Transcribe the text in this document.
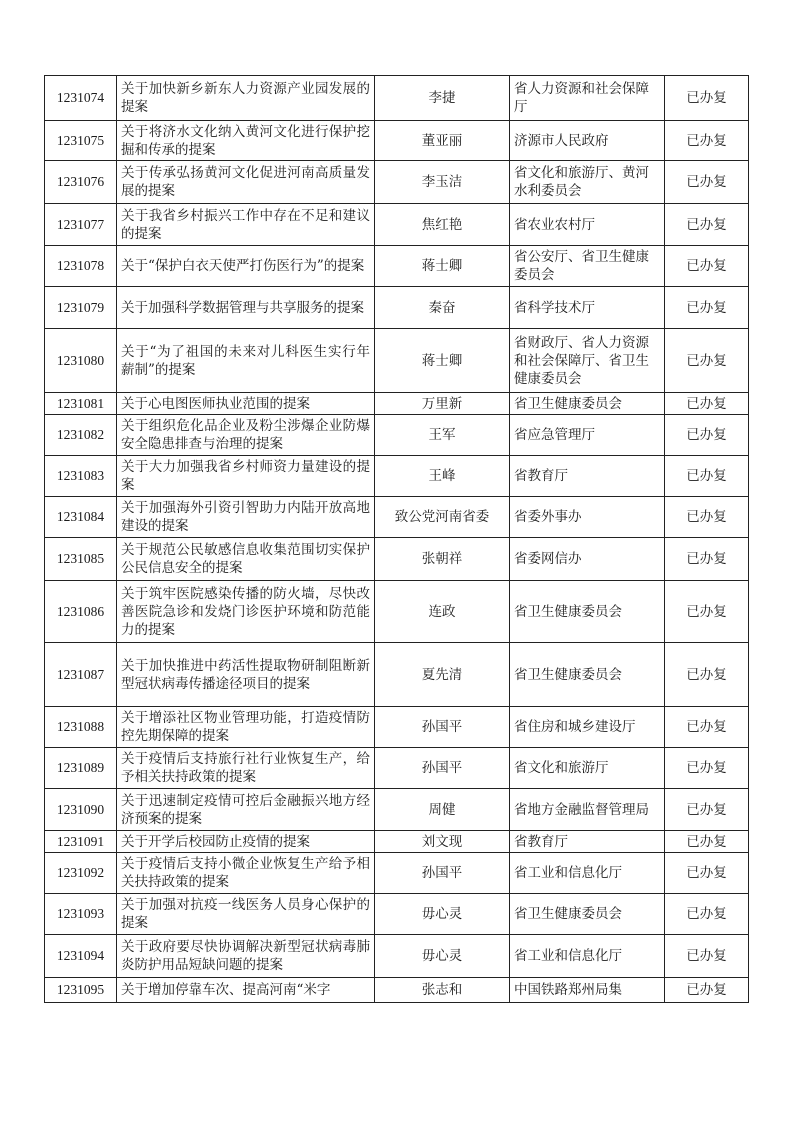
1231074	关于加快新乡新东人力资源产业园发展的提案	李捷	省人力资源和社会保障厅	已办复
1231075	关于将济水文化纳入黄河文化进行保护挖掘和传承的提案	董亚丽	济源市人民政府	已办复
1231076	关于传承弘扬黄河文化促进河南高质量发展的提案	李玉洁	省文化和旅游厅、黄河水利委员会	已办复
1231077	关于我省乡村振兴工作中存在不足和建议的提案	焦红艳	省农业农村厅	已办复
1231078	关于“保护白衣天使严打伤医行为”的提案	蒋士卿	省公安厅、省卫生健康委员会	已办复
1231079	关于加强科学数据管理与共享服务的提案	秦奋	省科学技术厅	已办复
1231080	关于“为了祖国的未来对儿科医生实行年薪制”的提案	蒋士卿	省财政厅、省人力资源和社会保障厅、省卫生健康委员会	已办复
1231081	关于心电图医师执业范围的提案	万里新	省卫生健康委员会	已办复
1231082	关于组织危化品企业及粉尘涉爆企业防爆安全隐患排查与治理的提案	王军	省应急管理厅	已办复
1231083	关于大力加强我省乡村师资力量建设的提案	王峰	省教育厅	已办复
1231084	关于加强海外引资引智助力内陆开放高地建设的提案	致公党河南省委	省委外事办	已办复
1231085	关于规范公民敏感信息收集范围切实保护公民信息安全的提案	张朝祥	省委网信办	已办复
1231086	关于筑牢医院感染传播的防火墙，尽快改善医院急诊和发烧门诊医护环境和防范能力的提案	连政	省卫生健康委员会	已办复
1231087	关于加快推进中药活性提取物研制阻断新型冠状病毒传播途径项目的提案	夏先清	省卫生健康委员会	已办复
1231088	关于增添社区物业管理功能，打造疫情防控先期保障的提案	孙国平	省住房和城乡建设厅	已办复
1231089	关于疫情后支持旅行社行业恢复生产，给予相关扶持政策的提案	孙国平	省文化和旅游厅	已办复
1231090	关于迅速制定疫情可控后金融振兴地方经济预案的提案	周健	省地方金融监督管理局	已办复
1231091	关于开学后校园防止疫情的提案	刘文现	省教育厅	已办复
1231092	关于疫情后支持小微企业恢复生产给予相关扶持政策的提案	孙国平	省工业和信息化厅	已办复
1231093	关于加强对抗疫一线医务人员身心保护的提案	毋心灵	省卫生健康委员会	已办复
1231094	关于政府要尽快协调解决新型冠状病毒肺炎防护用品短缺问题的提案	毋心灵	省工业和信息化厅	已办复
1231095	关于增加停靠车次、提高河南“米字	张志和	中国铁路郑州局集	已办复
